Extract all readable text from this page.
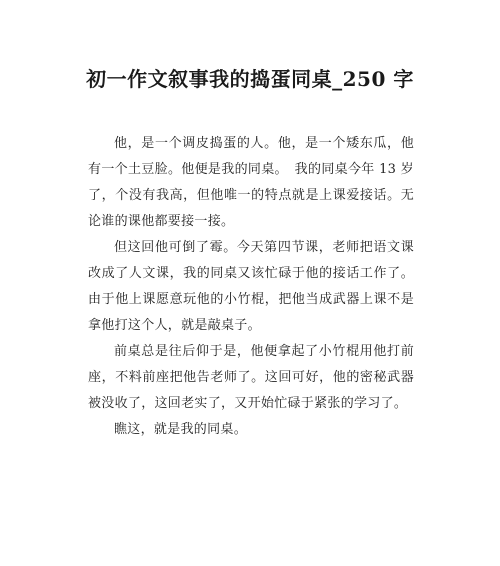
初一作文叙事我的捣蛋同桌_250 字

他，是一个调皮捣蛋的人。他，是一个矮东瓜，他有一个土豆脸。他便是我的同桌。　我的同桌今年 13 岁了，个没有我高，但他唯一的特点就是上课爱接话。无论谁的课他都要接一接。

但这回他可倒了霉。今天第四节课，老师把语文课改成了人文课，我的同桌又该忙碌于他的接话工作了。由于他上课愿意玩他的小竹棍，把他当成武器上课不是拿他打这个人，就是敲桌子。

前桌总是往后仰于是，他便拿起了小竹棍用他打前座，不料前座把他告老师了。这回可好，他的密秘武器被没收了，这回老实了，又开始忙碌于紧张的学习了。

瞧这，就是我的同桌。
